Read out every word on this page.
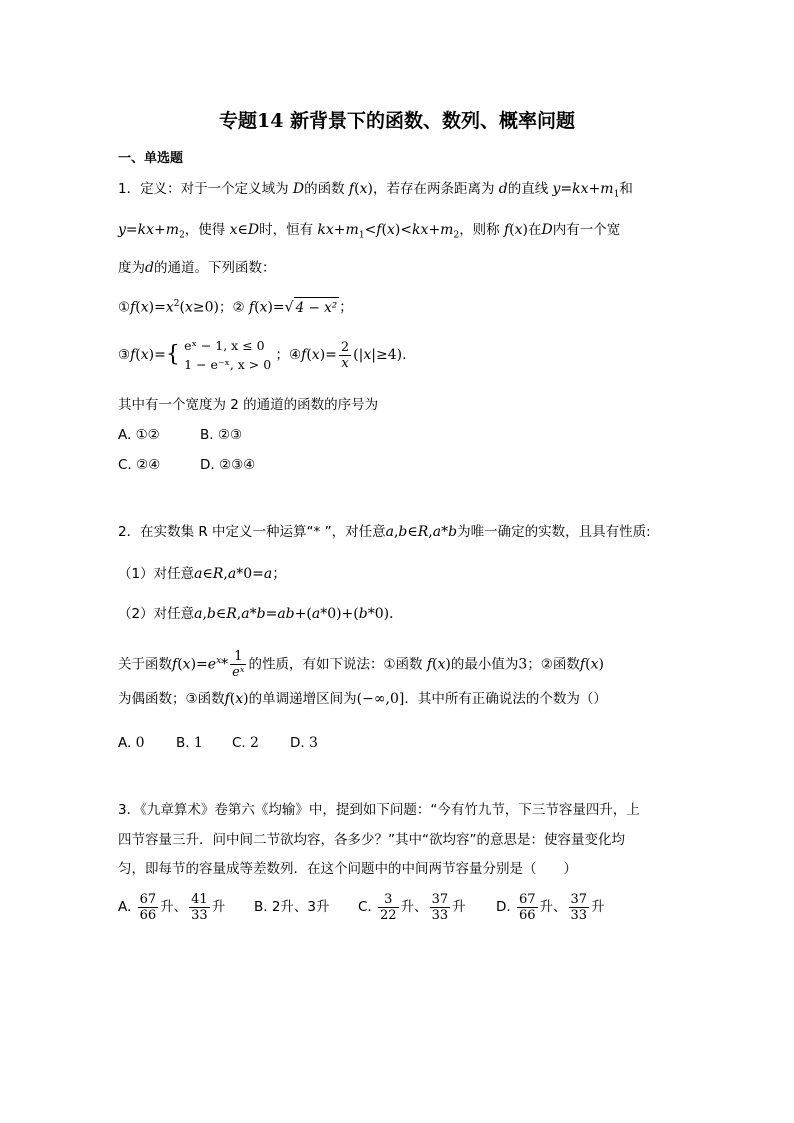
专题14 新背景下的函数、数列、概率问题
一、单选题
1．定义：对于一个定义域为 D的函数 f(x)，若存在两条距离为 d的直线 $y=kx+m_1$和
$y=kx+m_2$，使得 x∈D时，恒有 $kx+m_1<f(x)<kx+m_2$，则称 f(x)在D内有一个宽
度为d的通道。下列函数：
$①f(x)=x^2(x\ge 0)$；② f(x)=√ 4 − x² ；
③f(x)={ eˣ − 1, x ≤ 0
1 − e⁻ˣ, x > 0
；④f(x)= $\frac{2}{x} (|x|\ge 4)$．
其中有一个宽度为 2 的通道的函数的序号为
A. ①②	B. ②③
C. ②④	D. ②③④
2．在实数集 R 中定义一种运算“* ”，对任意a,b∈R,a*b为唯一确定的实数，且具有性质:
（1）对任意a∈R,a*0=a；
（2）对任意a,b∈R,a*b=ab+(a*0)+(b*0)．
关于函数$f(x)=e^x* \frac{1}{\text{eˣ}}$ 的性质，有如下说法：①函数 f(x)的最小值为3；②函数f(x)
为偶函数；③函数f(x)的单调递增区间为(−∞,0]．其中所有正确说法的个数为（）
A. 0 B. 1 C. 2 D. 3
3．《九章算术》卷第六《均输》中，提到如下问题：“今有竹九节，下三节容量四升，上
四节容量三升．问中间二节欲均容，各多少？”其中“欲均容”的意思是：使容量变化均
匀，即每节的容量成等差数列．在这个问题中的中间两节容量分别是（　　）
A. $\frac{67}{66}$ 升、 $\frac{41}{33}$ 升 B. 2升、3升 C. $\frac{3}{22}$ 升、 $\frac{37}{33}$ 升 D. $\frac{67}{66}$ 升、 $\frac{37}{33}$ 升
